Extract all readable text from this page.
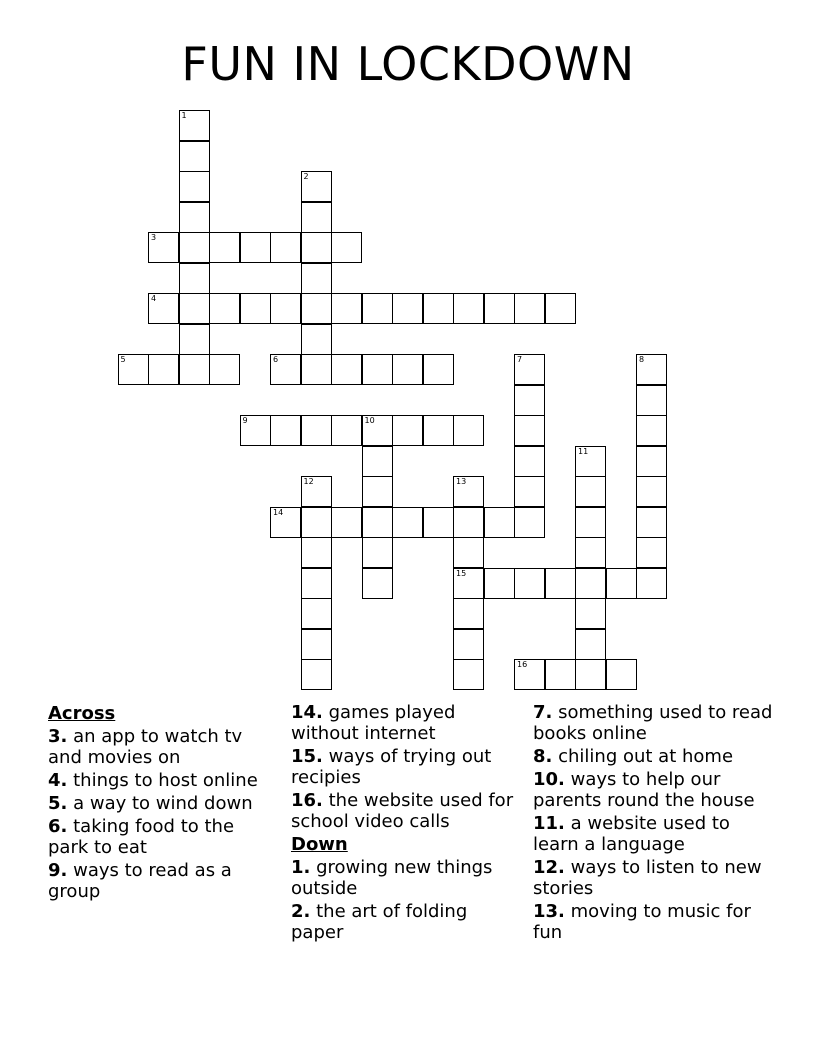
FUN IN LOCKDOWN
1
2
3
4
5	6	7	8
9	10
11
12	13
14
15
16
Across
3. an app to watch tv and movies on
4. things to host online
5. a way to wind down
6. taking food to the park to eat
9. ways to read as a group
14. games played without internet
15. ways of trying out recipies
16. the website used for school video calls
Down
1. growing new things outside
2. the art of folding paper
7. something used to read books online
8. chiling out at home
10. ways to help our parents round the house
11. a website used to learn a language
12. ways to listen to new stories
13. moving to music for fun
